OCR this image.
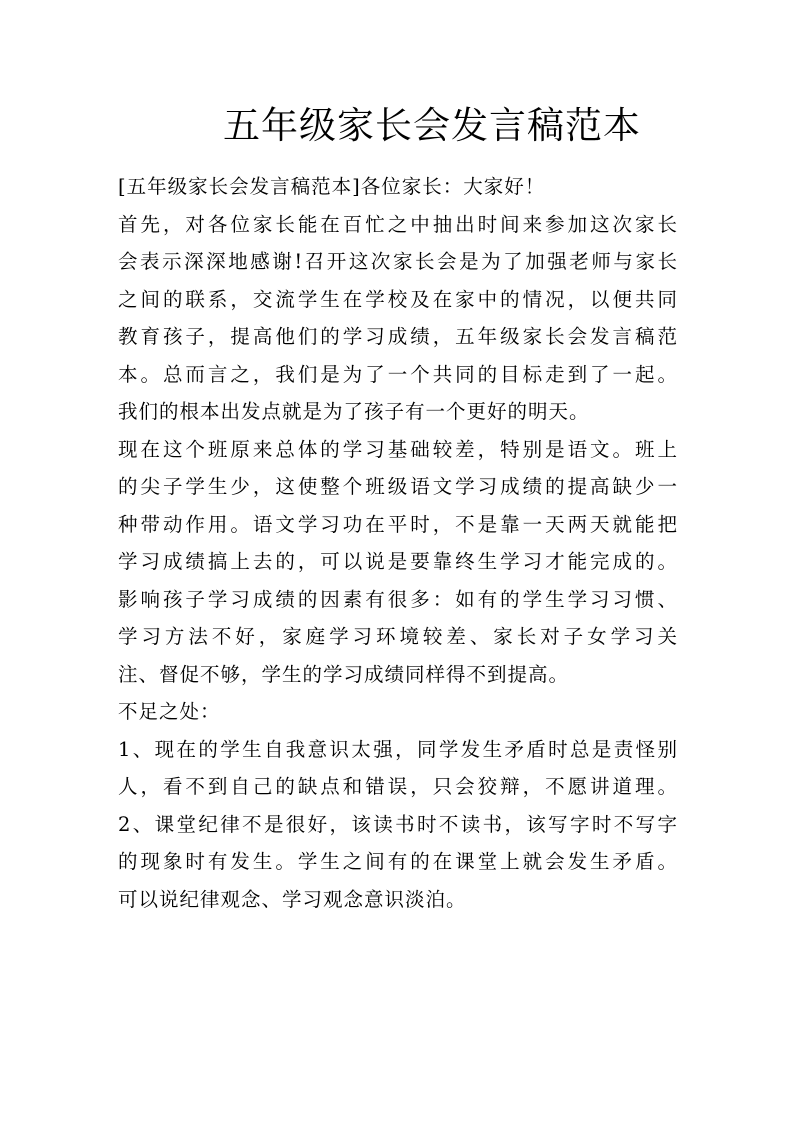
五年级家长会发言稿范本
[五年级家长会发言稿范本]各位家长：大家好！
首先，对各位家长能在百忙之中抽出时间来参加这次家长
会表示深深地感谢!召开这次家长会是为了加强老师与家长
之间的联系，交流学生在学校及在家中的情况，以便共同
教育孩子，提高他们的学习成绩，五年级家长会发言稿范
本。总而言之，我们是为了一个共同的目标走到了一起。
我们的根本出发点就是为了孩子有一个更好的明天。
现在这个班原来总体的学习基础较差，特别是语文。班上
的尖子学生少，这使整个班级语文学习成绩的提高缺少一
种带动作用。语文学习功在平时，不是靠一天两天就能把
学习成绩搞上去的，可以说是要靠终生学习才能完成的。
影响孩子学习成绩的因素有很多：如有的学生学习习惯、
学习方法不好，家庭学习环境较差、家长对子女学习关
注、督促不够，学生的学习成绩同样得不到提高。
不足之处：
1、现在的学生自我意识太强，同学发生矛盾时总是责怪别
人，看不到自己的缺点和错误，只会狡辩，不愿讲道理。
2、课堂纪律不是很好，该读书时不读书，该写字时不写字
的现象时有发生。学生之间有的在课堂上就会发生矛盾。
可以说纪律观念、学习观念意识淡泊。
